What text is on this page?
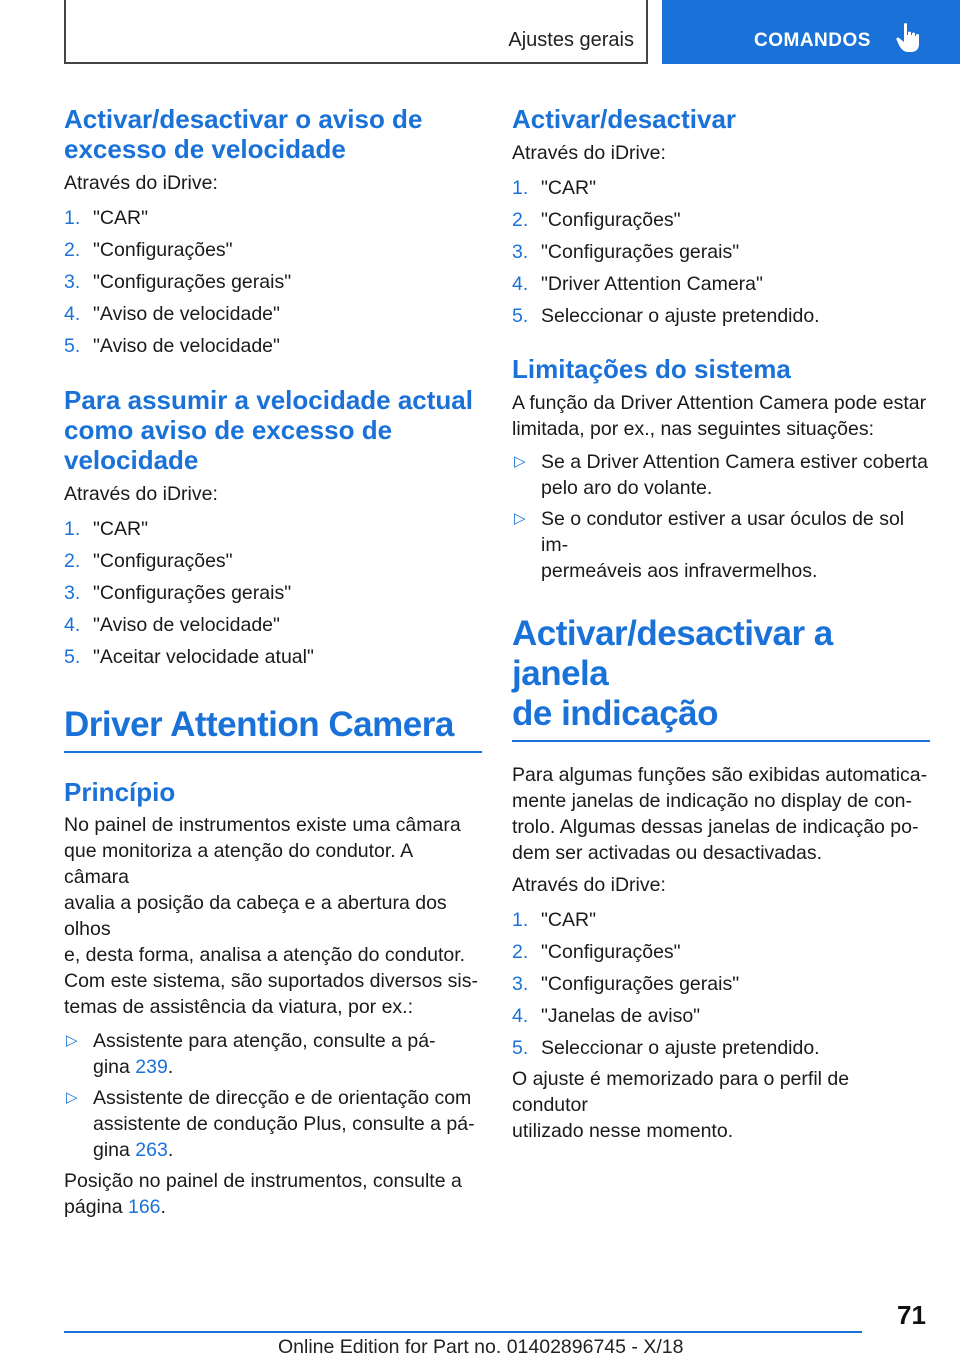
Ajustes gerais	COMANDOS
Activar/desactivar o aviso de
excesso de velocidade

Através do iDrive:

1. "CAR"
2. "Configurações"
3. "Configurações gerais"
4. "Aviso de velocidade"
5. "Aviso de velocidade"
Para assumir a velocidade actual
como aviso de excesso de
velocidade

Através do iDrive:

1. "CAR"
2. "Configurações"
3. "Configurações gerais"
4. "Aviso de velocidade"
5. "Aceitar velocidade atual"
Driver Attention Camera
Princípio

No painel de instrumentos existe uma câmara
que monitoriza a atenção do condutor. A câmara
avalia a posição da cabeça e a abertura dos olhos
e, desta forma, analisa a atenção do condutor.
Com este sistema, são suportados diversos sis-
temas de assistência da viatura, por ex.:

▷ Assistente para atenção, consulte a pá-
gina 239.
▷ Assistente de direcção e de orientação com
assistente de condução Plus, consulte a pá-
gina 263.

Posição no painel de instrumentos, consulte a
página 166.

Activar/desactivar

Através do iDrive:

1. "CAR"
2. "Configurações"
3. "Configurações gerais"
4. "Driver Attention Camera"
5. Seleccionar o ajuste pretendido.
Limitações do sistema

A função da Driver Attention Camera pode estar
limitada, por ex., nas seguintes situações:

▷ Se a Driver Attention Camera estiver coberta
pelo aro do volante.
▷ Se o condutor estiver a usar óculos de sol im-
permeáveis aos infravermelhos.
Activar/desactivar a janela
de indicação

Para algumas funções são exibidas automatica-
mente janelas de indicação no display de con-
trolo. Algumas dessas janelas de indicação po-
dem ser activadas ou desactivadas.

Através do iDrive:

1. "CAR"
2. "Configurações"
3. "Configurações gerais"
4. "Janelas de aviso"
5. Seleccionar o ajuste pretendido.

O ajuste é memorizado para o perfil de condutor
utilizado nesse momento.

71
Online Edition for Part no. 01402896745 - X/18
